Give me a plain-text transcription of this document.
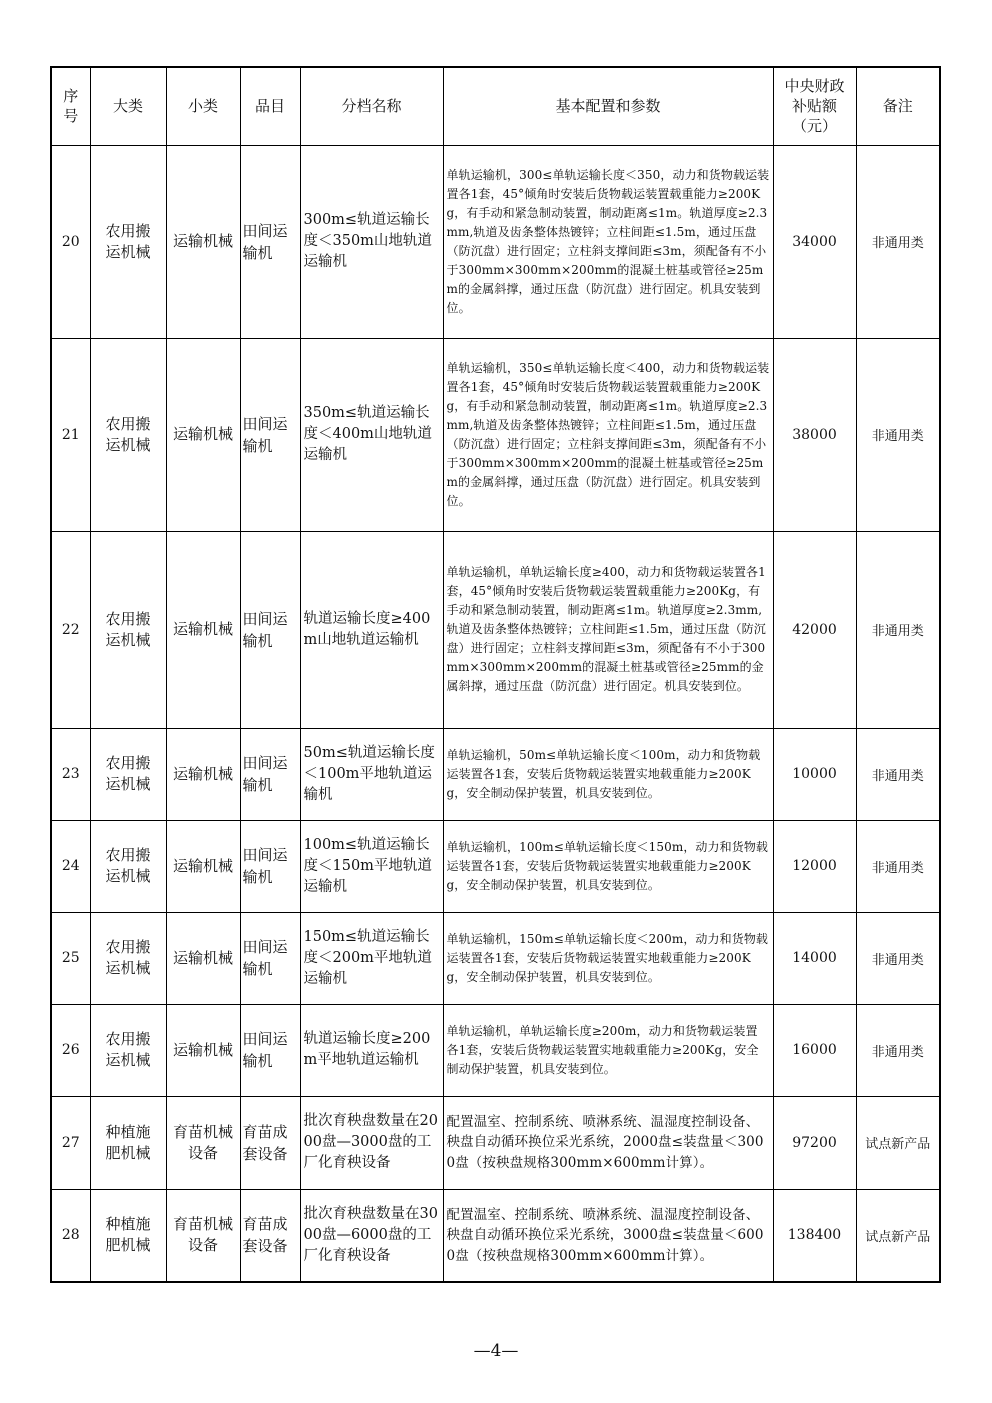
序号	大类	小类	品目	分档名称	基本配置和参数	中央财政补贴额（元）	备注
20	农用搬运机械	运输机械	田间运输机	300m≤轨道运输长度＜350m山地轨道运输机	单轨运输机，300≤单轨运输长度＜350，动力和货物载运装置各1套，45°倾角时安装后货物载运装置载重能力≥200Kg，有手动和紧急制动装置，制动距离≤1m。轨道厚度≥2.3mm,轨道及齿条整体热镀锌；立柱间距≤1.5m，通过压盘（防沉盘）进行固定；立柱斜支撑间距≤3m，须配备有不小于300mm×300mm×200mm的混凝土桩基或管径≥25mm的金属斜撑，通过压盘（防沉盘）进行固定。机具安装到位。	34000	非通用类
21	农用搬运机械	运输机械	田间运输机	350m≤轨道运输长度＜400m山地轨道运输机	单轨运输机，350≤单轨运输长度＜400，动力和货物载运装置各1套，45°倾角时安装后货物载运装置载重能力≥200Kg，有手动和紧急制动装置，制动距离≤1m。轨道厚度≥2.3mm,轨道及齿条整体热镀锌；立柱间距≤1.5m，通过压盘（防沉盘）进行固定；立柱斜支撑间距≤3m，须配备有不小于300mm×300mm×200mm的混凝土桩基或管径≥25mm的金属斜撑，通过压盘（防沉盘）进行固定。机具安装到位。	38000	非通用类
22	农用搬运机械	运输机械	田间运输机	轨道运输长度≥400m山地轨道运输机	单轨运输机，单轨运输长度≥400，动力和货物载运装置各1套，45°倾角时安装后货物载运装置载重能力≥200Kg，有手动和紧急制动装置，制动距离≤1m。轨道厚度≥2.3mm,轨道及齿条整体热镀锌；立柱间距≤1.5m，通过压盘（防沉盘）进行固定；立柱斜支撑间距≤3m，须配备有不小于300mm×300mm×200mm的混凝土桩基或管径≥25mm的金属斜撑，通过压盘（防沉盘）进行固定。机具安装到位。	42000	非通用类
23	农用搬运机械	运输机械	田间运输机	50m≤轨道运输长度＜100m平地轨道运输机	单轨运输机，50m≤单轨运输长度＜100m，动力和货物载运装置各1套，安装后货物载运装置实地载重能力≥200Kg，安全制动保护装置，机具安装到位。	10000	非通用类
24	农用搬运机械	运输机械	田间运输机	100m≤轨道运输长度＜150m平地轨道运输机	单轨运输机，100m≤单轨运输长度＜150m，动力和货物载运装置各1套，安装后货物载运装置实地载重能力≥200Kg，安全制动保护装置，机具安装到位。	12000	非通用类
25	农用搬运机械	运输机械	田间运输机	150m≤轨道运输长度＜200m平地轨道运输机	单轨运输机，150m≤单轨运输长度＜200m，动力和货物载运装置各1套，安装后货物载运装置实地载重能力≥200Kg，安全制动保护装置，机具安装到位。	14000	非通用类
26	农用搬运机械	运输机械	田间运输机	轨道运输长度≥200m平地轨道运输机	单轨运输机，单轨运输长度≥200m，动力和货物载运装置各1套，安装后货物载运装置实地载重能力≥200Kg，安全制动保护装置，机具安装到位。	16000	非通用类
27	种植施肥机械	育苗机械设备	育苗成套设备	批次育秧盘数量在2000盘—3000盘的工厂化育秧设备	配置温室、控制系统、喷淋系统、温湿度控制设备、秧盘自动循环换位采光系统，2000盘≤装盘量＜3000盘（按秧盘规格300mm×600mm计算）。	97200	试点新产品
28	种植施肥机械	育苗机械设备	育苗成套设备	批次育秧盘数量在3000盘—6000盘的工厂化育秧设备	配置温室、控制系统、喷淋系统、温湿度控制设备、秧盘自动循环换位采光系统，3000盘≤装盘量＜6000盘（按秧盘规格300mm×600mm计算）。	138400	试点新产品
—4—
